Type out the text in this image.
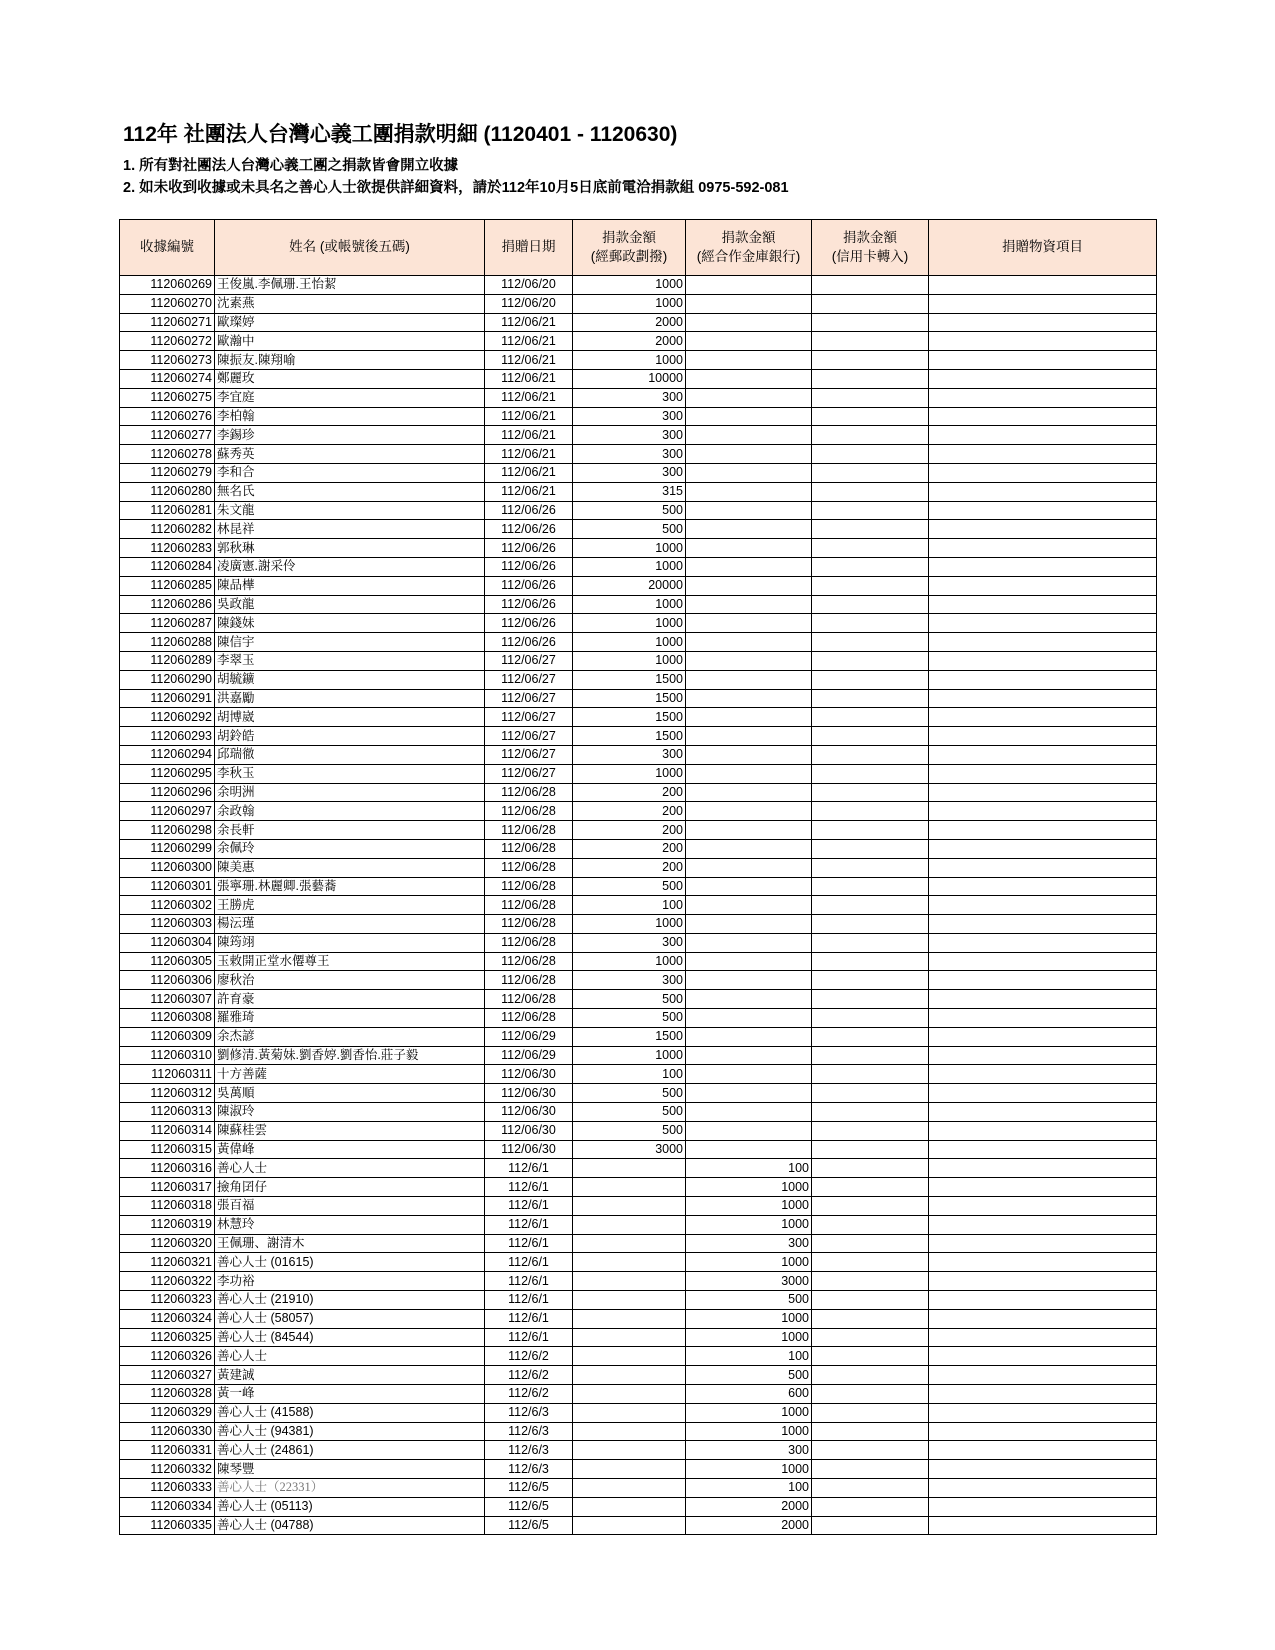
112年 社團法人台灣心義工團捐款明細 (1120401 - 1120630)
1. 所有對社團法人台灣心義工團之捐款皆會開立收據
2. 如未收到收據或未具名之善心人士欲提供詳細資料，請於112年10月5日底前電洽捐款組 0975-592-081
收據編號	姓名 (或帳號後五碼)	捐贈日期	捐款金額
(經郵政劃撥)	捐款金額
(經合作金庫銀行)	捐款金額
(信用卡轉入)	捐贈物資項目
112060269	王俊嵐.李佩珊.王怡絜	112/06/20	1000			
112060270	沈素燕	112/06/20	1000			
112060271	歐璨婷	112/06/21	2000			
112060272	歐瀚中	112/06/21	2000			
112060273	陳振友.陳翔喻	112/06/21	1000			
112060274	鄭麗玫	112/06/21	10000			
112060275	李宜庭	112/06/21	300			
112060276	李柏翰	112/06/21	300			
112060277	李錫珍	112/06/21	300			
112060278	蘇秀英	112/06/21	300			
112060279	李和合	112/06/21	300			
112060280	無名氏	112/06/21	315			
112060281	朱文龍	112/06/26	500			
112060282	林昆祥	112/06/26	500			
112060283	郭秋琳	112/06/26	1000			
112060284	凌廣憲.謝采伶	112/06/26	1000			
112060285	陳品樺	112/06/26	20000			
112060286	吳政龍	112/06/26	1000			
112060287	陳錢妹	112/06/26	1000			
112060288	陳信宇	112/06/26	1000			
112060289	李翠玉	112/06/27	1000			
112060290	胡毓鑛	112/06/27	1500			
112060291	洪嘉勵	112/06/27	1500			
112060292	胡博崴	112/06/27	1500			
112060293	胡鈴皓	112/06/27	1500			
112060294	邱瑞徹	112/06/27	300			
112060295	李秋玉	112/06/27	1000			
112060296	余明洲	112/06/28	200			
112060297	余政翰	112/06/28	200			
112060298	余長軒	112/06/28	200			
112060299	余佩玲	112/06/28	200			
112060300	陳美惠	112/06/28	200			
112060301	張寧珊.林麗卿.張藝蕎	112/06/28	500			
112060302	王勝虎	112/06/28	100			
112060303	楊沄瑾	112/06/28	1000			
112060304	陳筠翊	112/06/28	300			
112060305	玉敕開正堂水僊尊王	112/06/28	1000			
112060306	廖秋治	112/06/28	300			
112060307	許育豪	112/06/28	500			
112060308	羅雅琦	112/06/28	500			
112060309	余杰諺	112/06/29	1500			
112060310	劉修清.黃菊妹.劉香婷.劉香怡.莊子毅	112/06/29	1000			
112060311	十方善薩	112/06/30	100			
112060312	吳萬順	112/06/30	500			
112060313	陳淑玲	112/06/30	500			
112060314	陳蘇桂雲	112/06/30	500			
112060315	黃偉峰	112/06/30	3000			
112060316	善心人士	112/6/1		100		
112060317	撿角囝仔	112/6/1		1000		
112060318	張百福	112/6/1		1000		
112060319	林慧玲	112/6/1		1000		
112060320	王佩珊、謝清木	112/6/1		300		
112060321	善心人士 (01615)	112/6/1		1000		
112060322	李功裕	112/6/1		3000		
112060323	善心人士 (21910)	112/6/1		500		
112060324	善心人士 (58057)	112/6/1		1000		
112060325	善心人士 (84544)	112/6/1		1000		
112060326	善心人士	112/6/2		100		
112060327	黃建誠	112/6/2		500		
112060328	黃一峰	112/6/2		600		
112060329	善心人士 (41588)	112/6/3		1000		
112060330	善心人士 (94381)	112/6/3		1000		
112060331	善心人士 (24861)	112/6/3		300		
112060332	陳琴豐	112/6/3		1000		
112060333	善心人士（22331）	112/6/5		100		
112060334	善心人士 (05113)	112/6/5		2000		
112060335	善心人士 (04788)	112/6/5		2000		
